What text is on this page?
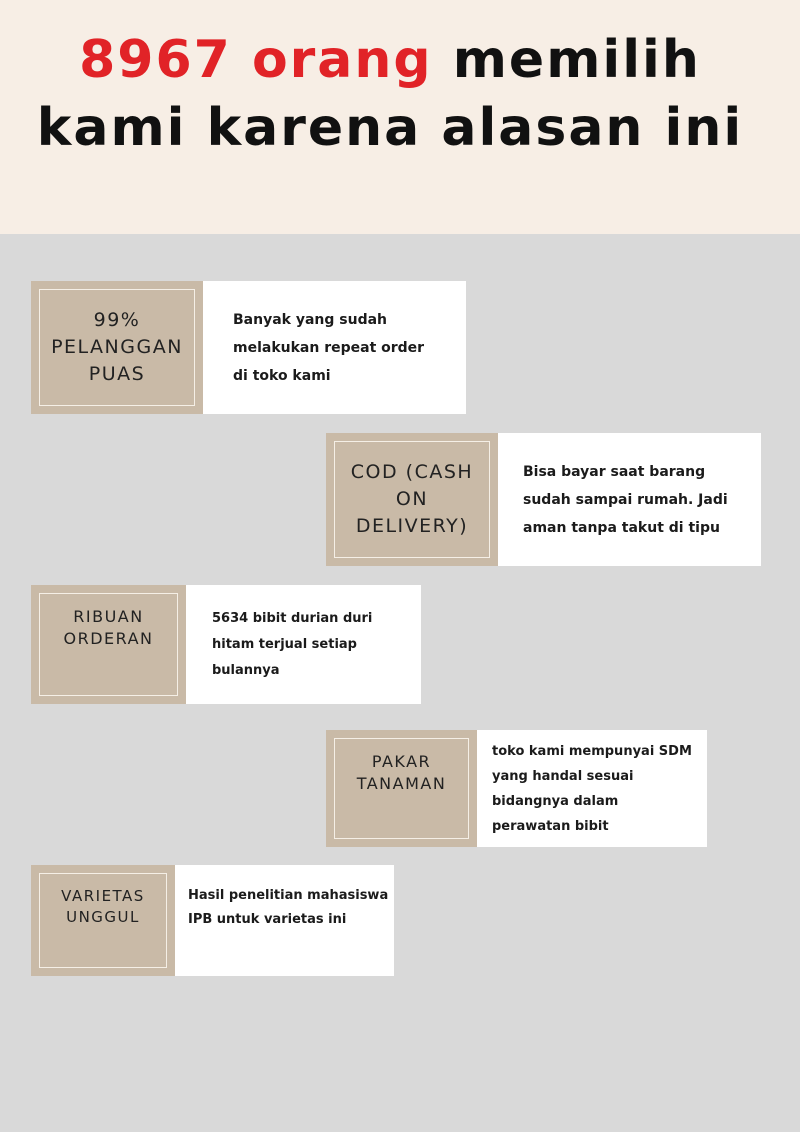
8967 orang memilih
kami karena alasan ini
99%
PELANGGAN
PUAS
Banyak yang sudah
melakukan repeat order
di toko kami
COD (CASH
ON
DELIVERY)
Bisa bayar saat barang
sudah sampai rumah. Jadi
aman tanpa takut di tipu
RIBUAN
ORDERAN
5634 bibit durian duri
hitam terjual setiap
bulannya
PAKAR
TANAMAN
toko kami mempunyai SDM
yang handal sesuai
bidangnya dalam
perawatan bibit
VARIETAS
UNGGUL
Hasil penelitian mahasiswa
IPB untuk varietas ini
